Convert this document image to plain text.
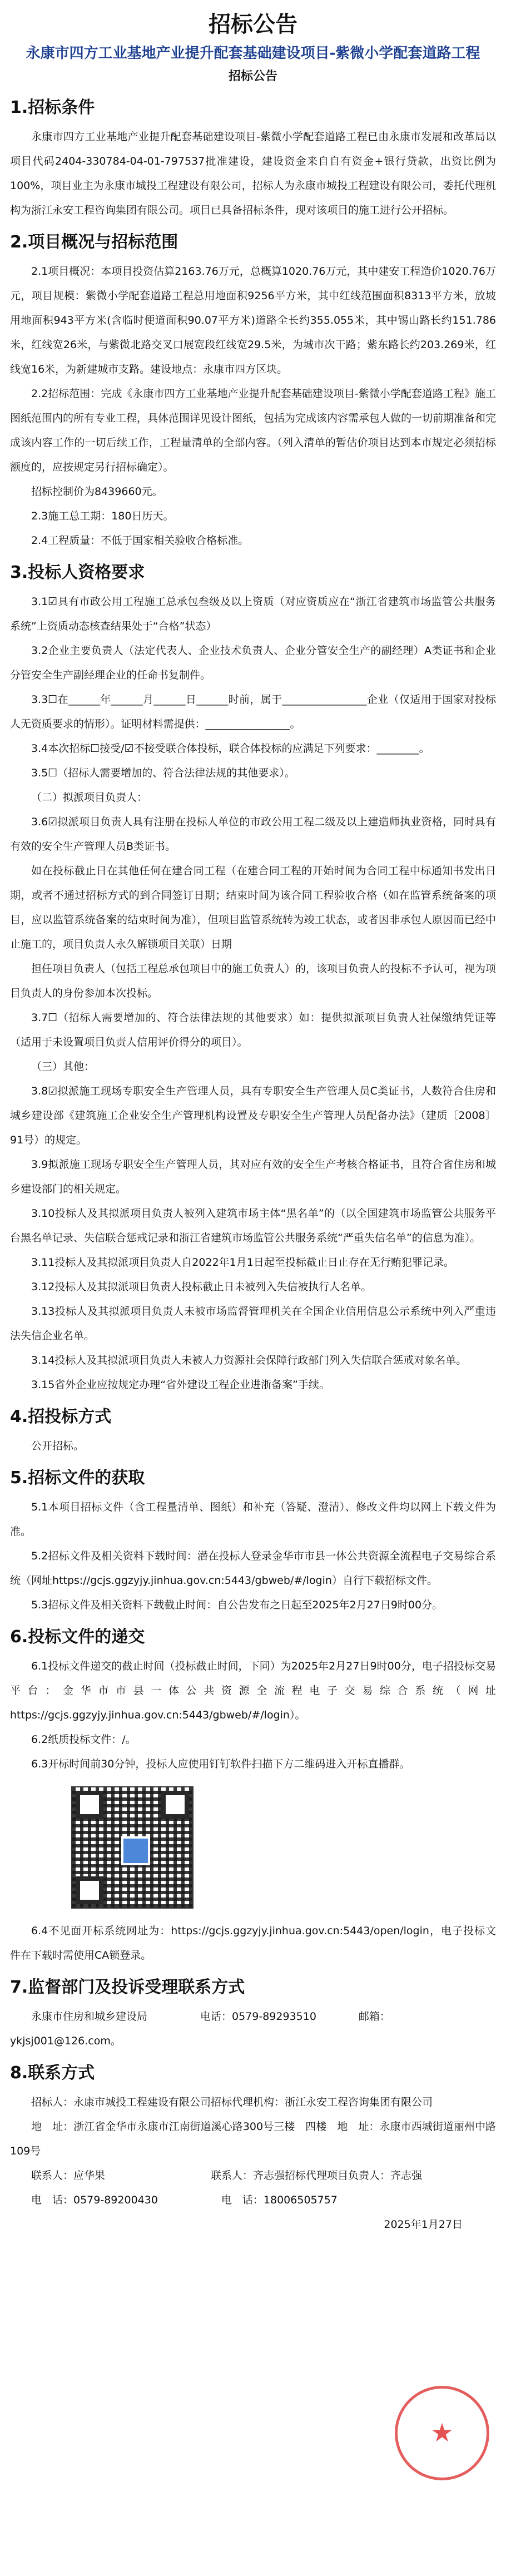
招标公告
永康市四方工业基地产业提升配套基础建设项目-紫微小学配套道路工程
招标公告
1.招标条件

永康市四方工业基地产业提升配套基础建设项目-紫微小学配套道路工程已由永康市发展和改革局以项目代码2404-330784-04-01-797537批准建设，建设资金来自自有资金+银行贷款，出资比例为100%，项目业主为永康市城投工程建设有限公司，招标人为永康市城投工程建设有限公司，委托代理机构为浙江永安工程咨询集团有限公司。项目已具备招标条件，现对该项目的施工进行公开招标。

2.项目概况与招标范围

2.1项目概况：本项目投资估算2163.76万元，总概算1020.76万元，其中建安工程造价1020.76万元，项目规模：紫微小学配套道路工程总用地面积9256平方米，其中红线范围面积8313平方米，放坡用地面积943平方米(含临时便道面积90.07平方米)道路全长约355.055米，其中锡山路长约151.786米，红线宽26米，与紫微北路交叉口展宽段红线宽29.5米，为城市次干路；紫东路长约203.269米，红线宽16米，为新建城市支路。建设地点：永康市四方区块。

2.2招标范围：完成《永康市四方工业基地产业提升配套基础建设项目-紫微小学配套道路工程》施工图纸范围内的所有专业工程，具体范围详见设计图纸，包括为完成该内容需承包人做的一切前期准备和完成该内容工作的一切后续工作，工程量清单的全部内容。（列入清单的暂估价项目达到本市规定必须招标额度的，应按规定另行招标确定）。

招标控制价为8439660元。

2.3施工总工期：180日历天。

2.4工程质量：不低于国家相关验收合格标准。

3.投标人资格要求

3.1☑具有市政公用工程施工总承包叁级及以上资质（对应资质应在“浙江省建筑市场监管公共服务系统”上资质动态核查结果处于“合格”状态）

3.2企业主要负责人（法定代表人、企业技术负责人、企业分管安全生产的副经理）A类证书和企业分管安全生产副经理企业的任命书复制件。

3.3☐在______年______月______日______时前，属于________________企业（仅适用于国家对投标人无资质要求的情形）。证明材料需提供：________________。

3.4本次招标☐接受/☑不接受联合体投标，联合体投标的应满足下列要求：________。

3.5☐（招标人需要增加的、符合法律法规的其他要求）。

（二）拟派项目负责人：

3.6☑拟派项目负责人具有注册在投标人单位的市政公用工程二级及以上建造师执业资格，同时具有有效的安全生产管理人员B类证书。

如在投标截止日在其他任何在建合同工程（在建合同工程的开始时间为合同工程中标通知书发出日期，或者不通过招标方式的到合同签订日期；结束时间为该合同工程验收合格（如在监管系统备案的项目，应以监管系统备案的结束时间为准），但项目监管系统转为竣工状态，或者因非承包人原因而已经中止施工的，项目负责人永久解锁项目关联）日期

担任项目负责人（包括工程总承包项目中的施工负责人）的，该项目负责人的投标不予认可，视为项目负责人的身份参加本次投标。

3.7☐（招标人需要增加的、符合法律法规的其他要求）如：提供拟派项目负责人社保缴纳凭证等（适用于未设置项目负责人信用评价得分的项目）。

（三）其他：

3.8☑拟派施工现场专职安全生产管理人员，具有专职安全生产管理人员C类证书，人数符合住房和城乡建设部《建筑施工企业安全生产管理机构设置及专职安全生产管理人员配备办法》（建质〔2008〕91号）的规定。

3.9拟派施工现场专职安全生产管理人员，其对应有效的安全生产考核合格证书，且符合省住房和城乡建设部门的相关规定。

3.10投标人及其拟派项目负责人被列入建筑市场主体“黑名单”的（以全国建筑市场监管公共服务平台黑名单记录、失信联合惩戒记录和浙江省建筑市场监管公共服务系统“严重失信名单”的信息为准）。

3.11投标人及其拟派项目负责人自2022年1月1日起至投标截止日止存在无行贿犯罪记录。

3.12投标人及其拟派项目负责人投标截止日未被列入失信被执行人名单。

3.13投标人及其拟派项目负责人未被市场监督管理机关在全国企业信用信息公示系统中列入严重违法失信企业名单。

3.14投标人及其拟派项目负责人未被人力资源社会保障行政部门列入失信联合惩戒对象名单。

3.15省外企业应按规定办理“省外建设工程企业进浙备案”手续。

4.招投标方式

公开招标。

5.招标文件的获取

5.1本项目招标文件（含工程量清单、图纸）和补充（答疑、澄清）、修改文件均以网上下载文件为准。

5.2招标文件及相关资料下载时间：潜在投标人登录金华市市县一体公共资源全流程电子交易综合系统（网址https://gcjs.ggzyjy.jinhua.gov.cn:5443/gbweb/#/login）自行下载招标文件。

5.3招标文件及相关资料下载截止时间：自公告发布之日起至2025年2月27日9时00分。

6.投标文件的递交

6.1投标文件递交的截止时间（投标截止时间，下同）为2025年2月27日9时00分，电子招投标交易平台：金华市市县一体公共资源全流程电子交易综合系统（网址https://gcjs.ggzyjy.jinhua.gov.cn:5443/gbweb/#/login）。

6.2纸质投标文件：/。

6.3开标时间前30分钟，投标人应使用钉钉软件扫描下方二维码进入开标直播群。

6.4不见面开标系统网址为：https://gcjs.ggzyjy.jinhua.gov.cn:5443/open/login，电子投标文件在下载时需使用CA锁登录。

7.监督部门及投诉受理联系方式

永康市住房和城乡建设局　　　　　电话：0579-89293510　　　　邮箱：

ykjsj001@126.com。

8.联系方式

招标人：永康市城投工程建设有限公司招标代理机构：浙江永安工程咨询集团有限公司

地　址：浙江省金华市永康市江南街道溪心路300号三楼　四楼　地　址：永康市西城街道丽州中路109号

联系人：应华果　　　　　　　　　　联系人：齐志强招标代理项目负责人：齐志强

电　话：0579-89200430　　　　　　电　话：18006505757

2025年1月27日
★
